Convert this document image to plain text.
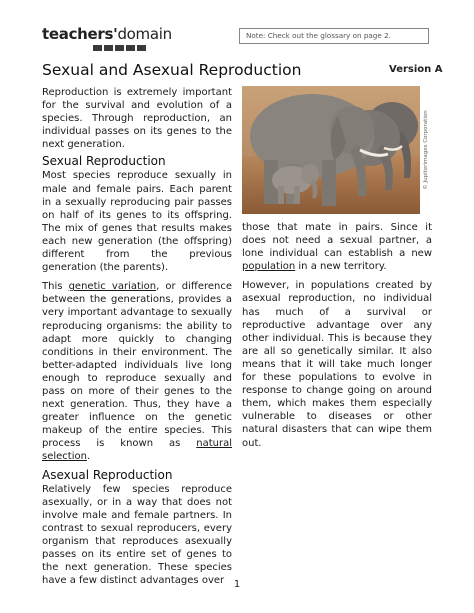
teachers'domain	Note: Check out the glossary on page 2.
Sexual and Asexual Reproduction	Version A

Reproduction is extremely important for the survival and evolution of a species. Through reproduction, an individual passes on its genes to the next generation.

Sexual Reproduction

Most species reproduce sexually in male and female pairs. Each parent in a sexually reproducing pair passes on half of its genes to its offspring. The mix of genes that results makes each new generation (the offspring) different from the previous generation (the parents).

This genetic variation, or difference between the generations, provides a very important advantage to sexually reproducing organisms: the ability to adapt more quickly to changing conditions in their environment. The better-adapted individuals live long enough to reproduce sexually and pass on more of their genes to the next generation. Thus, they have a greater influence on the genetic makeup of the entire species. This process is known as natural selection.

Asexual Reproduction

Relatively few species reproduce asexually, or in a way that does not involve male and female partners. In contrast to sexual reproducers, every organism that reproduces asexually passes on its entire set of genes to the next generation. These species have a few distinct advantages over

© Jupiterimages Corporation

those that mate in pairs. Since it does not need a sexual partner, a lone individual can establish a new population in a new territory.

However, in populations created by asexual reproduction, no individual has much of a survival or reproductive advantage over any other individual. This is because they are all so genetically similar. It also means that it will take much longer for these populations to evolve in response to change going on around them, which makes them especially vulnerable to diseases or other natural disasters that can wipe them out.

1
